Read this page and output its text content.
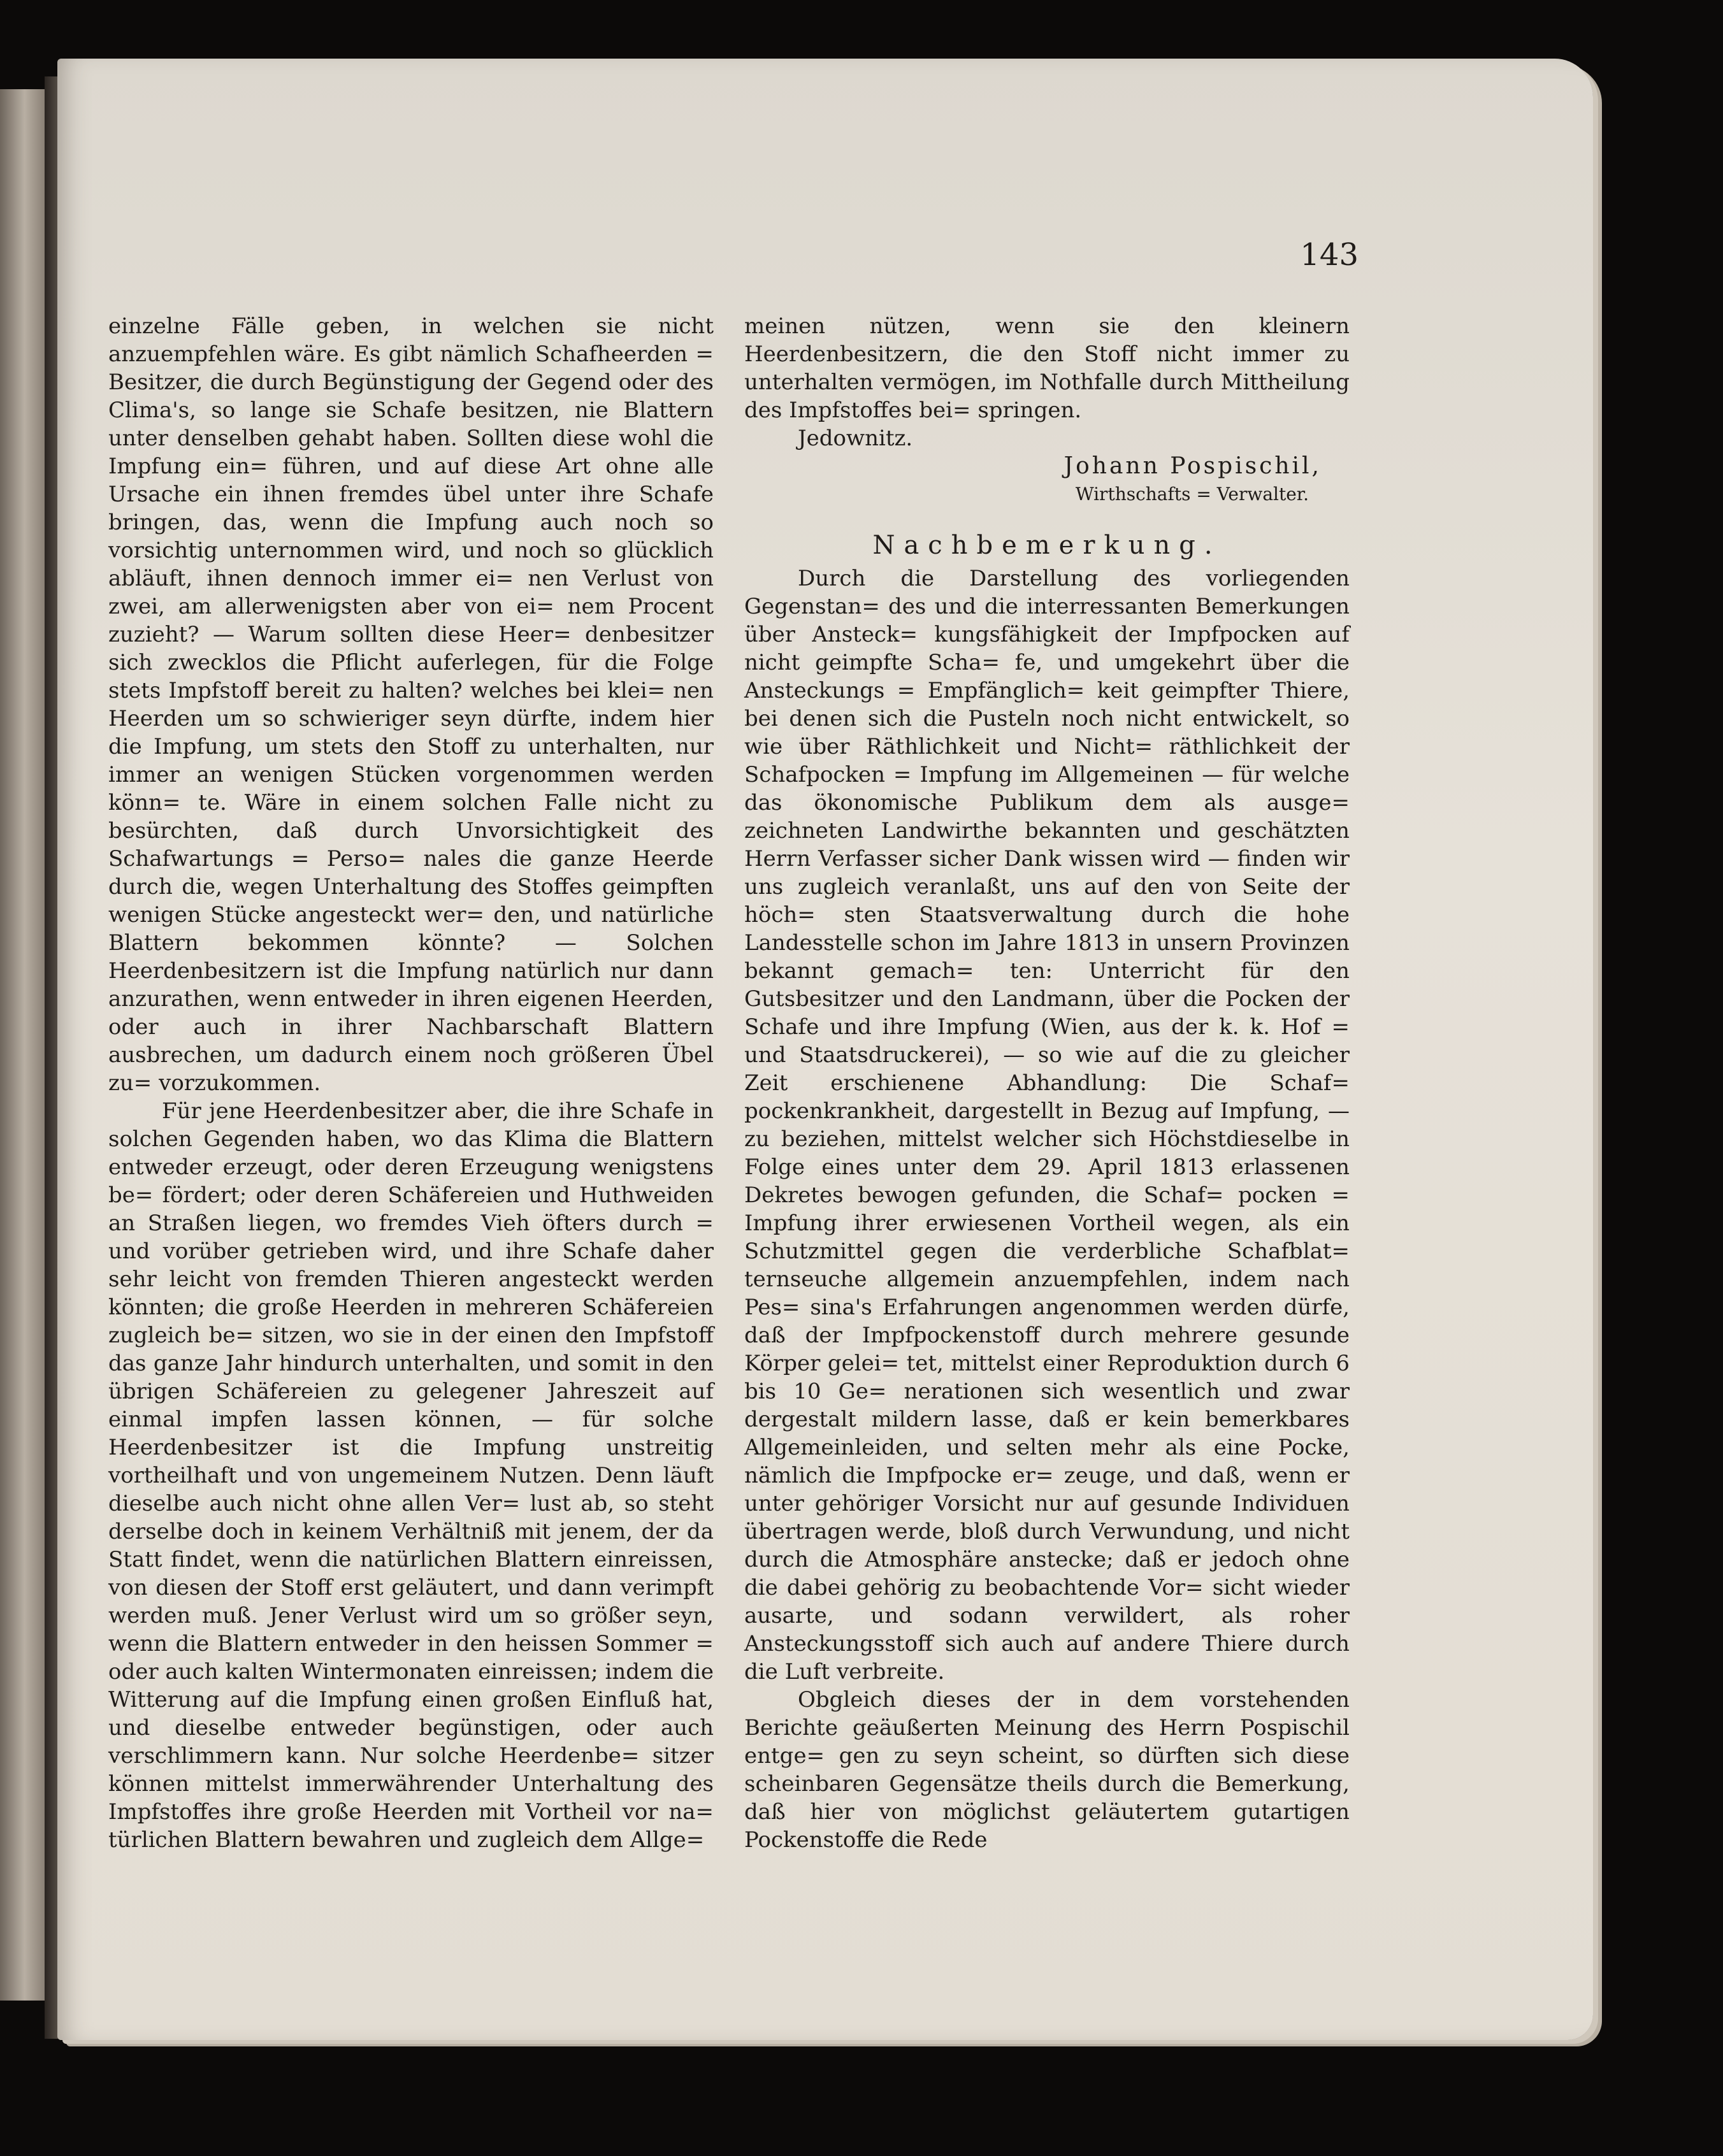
143

einzelne Fälle geben, in welchen sie nicht anzuempfehlen wäre. Es gibt nämlich Schafheerden = Besitzer, die durch Begünstigung der Gegend oder des Clima's, so lange sie Schafe besitzen, nie Blattern unter denselben gehabt haben. Sollten diese wohl die Impfung ein= führen, und auf diese Art ohne alle Ursache ein ihnen fremdes übel unter ihre Schafe bringen, das, wenn die Impfung auch noch so vorsichtig unternommen wird, und noch so glücklich abläuft, ihnen dennoch immer ei= nen Verlust von zwei, am allerwenigsten aber von ei= nem Procent zuzieht? — Warum sollten diese Heer= denbesitzer sich zwecklos die Pflicht auferlegen, für die Folge stets Impfstoff bereit zu halten? welches bei klei= nen Heerden um so schwieriger seyn dürfte, indem hier die Impfung, um stets den Stoff zu unterhalten, nur immer an wenigen Stücken vorgenommen werden könn= te. Wäre in einem solchen Falle nicht zu besürchten, daß durch Unvorsichtigkeit des Schafwartungs = Perso= nales die ganze Heerde durch die, wegen Unterhaltung des Stoffes geimpften wenigen Stücke angesteckt wer= den, und natürliche Blattern bekommen könnte? — Solchen Heerdenbesitzern ist die Impfung natürlich nur dann anzurathen, wenn entweder in ihren eigenen Heerden, oder auch in ihrer Nachbarschaft Blattern ausbrechen, um dadurch einem noch größeren Übel zu= vorzukommen.

Für jene Heerdenbesitzer aber, die ihre Schafe in solchen Gegenden haben, wo das Klima die Blattern entweder erzeugt, oder deren Erzeugung wenigstens be= fördert; oder deren Schäfereien und Huthweiden an Straßen liegen, wo fremdes Vieh öfters durch = und vorüber getrieben wird, und ihre Schafe daher sehr leicht von fremden Thieren angesteckt werden könnten; die große Heerden in mehreren Schäfereien zugleich be= sitzen, wo sie in der einen den Impfstoff das ganze Jahr hindurch unterhalten, und somit in den übrigen Schäfereien zu gelegener Jahreszeit auf einmal impfen lassen können, — für solche Heerdenbesitzer ist die Impfung unstreitig vortheilhaft und von ungemeinem Nutzen. Denn läuft dieselbe auch nicht ohne allen Ver= lust ab, so steht derselbe doch in keinem Verhältniß mit jenem, der da Statt findet, wenn die natürlichen Blattern einreissen, von diesen der Stoff erst geläutert, und dann verimpft werden muß. Jener Verlust wird um so größer seyn, wenn die Blattern entweder in den heissen Sommer = oder auch kalten Wintermonaten einreissen; indem die Witterung auf die Impfung einen großen Einfluß hat, und dieselbe entweder begünstigen, oder auch verschlimmern kann. Nur solche Heerdenbe= sitzer können mittelst immerwährender Unterhaltung des Impfstoffes ihre große Heerden mit Vortheil vor na= türlichen Blattern bewahren und zugleich dem Allge=

meinen nützen, wenn sie den kleinern Heerdenbesitzern, die den Stoff nicht immer zu unterhalten vermögen, im Nothfalle durch Mittheilung des Impfstoffes bei= springen.

Jedownitz.

Johann Pospischil,

Wirthschafts = Verwalter.

Nachbemerkung.

Durch die Darstellung des vorliegenden Gegenstan= des und die interressanten Bemerkungen über Ansteck= kungsfähigkeit der Impfpocken auf nicht geimpfte Scha= fe, und umgekehrt über die Ansteckungs = Empfänglich= keit geimpfter Thiere, bei denen sich die Pusteln noch nicht entwickelt, so wie über Räthlichkeit und Nicht= räthlichkeit der Schafpocken = Impfung im Allgemeinen — für welche das ökonomische Publikum dem als ausge= zeichneten Landwirthe bekannten und geschätzten Herrn Verfasser sicher Dank wissen wird — finden wir uns zugleich veranlaßt, uns auf den von Seite der höch= sten Staatsverwaltung durch die hohe Landesstelle schon im Jahre 1813 in unsern Provinzen bekannt gemach= ten: Unterricht für den Gutsbesitzer und den Landmann, über die Pocken der Schafe und ihre Impfung (Wien, aus der k. k. Hof = und Staatsdruckerei), — so wie auf die zu gleicher Zeit erschienene Abhandlung: Die Schaf= pockenkrankheit, dargestellt in Bezug auf Impfung, — zu beziehen, mittelst welcher sich Höchstdieselbe in Folge eines unter dem 29. April 1813 erlassenen Dekretes bewogen gefunden, die Schaf= pocken = Impfung ihrer erwiesenen Vortheil wegen, als ein Schutzmittel gegen die verderbliche Schafblat= ternseuche allgemein anzuempfehlen, indem nach Pes= sina's Erfahrungen angenommen werden dürfe, daß der Impfpockenstoff durch mehrere gesunde Körper gelei= tet, mittelst einer Reproduktion durch 6 bis 10 Ge= nerationen sich wesentlich und zwar dergestalt mildern lasse, daß er kein bemerkbares Allgemeinleiden, und selten mehr als eine Pocke, nämlich die Impfpocke er= zeuge, und daß, wenn er unter gehöriger Vorsicht nur auf gesunde Individuen übertragen werde, bloß durch Verwundung, und nicht durch die Atmosphäre anstecke; daß er jedoch ohne die dabei gehörig zu beobachtende Vor= sicht wieder ausarte, und sodann verwildert, als roher Ansteckungsstoff sich auch auf andere Thiere durch die Luft verbreite.

Obgleich dieses der in dem vorstehenden Berichte geäußerten Meinung des Herrn Pospischil entge= gen zu seyn scheint, so dürften sich diese scheinbaren Gegensätze theils durch die Bemerkung, daß hier von möglichst geläutertem gutartigen Pockenstoffe die Rede
